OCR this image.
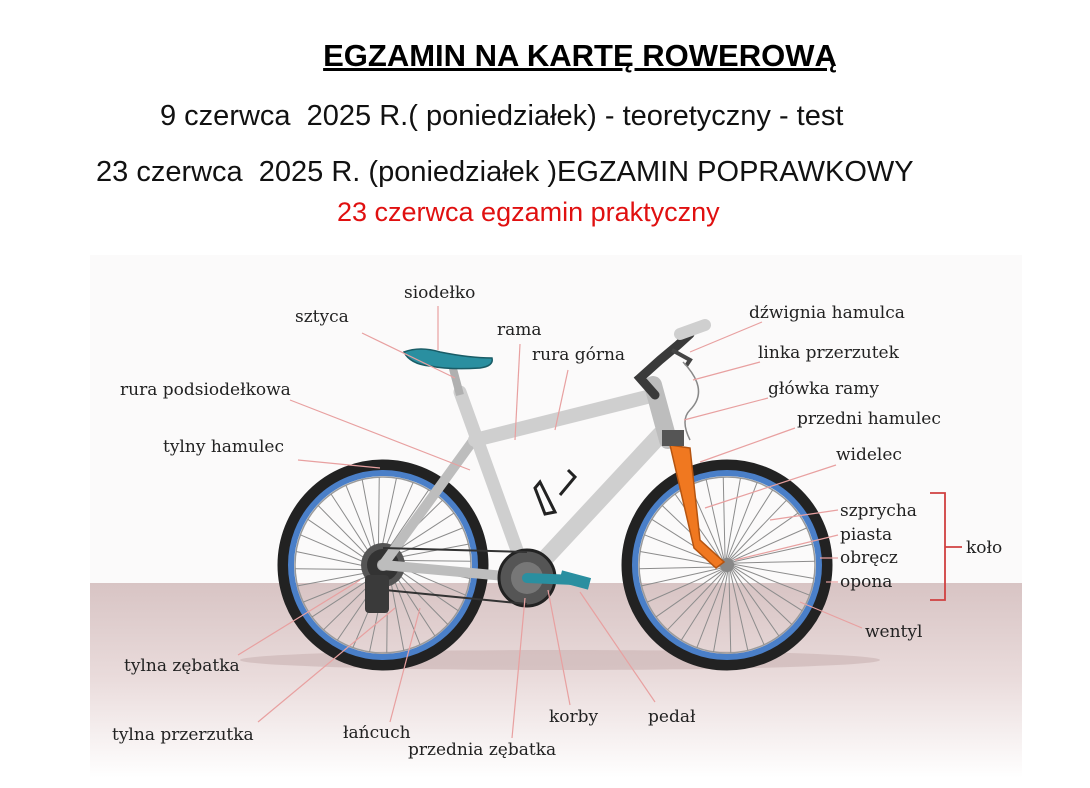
EGZAMIN NA KARTĘ ROWEROWĄ
9 czerwca  2025 R.( poniedziałek) - teoretyczny - test
23 czerwca  2025 R. (poniedziałek )EGZAMIN POPRAWKOWY
23 czerwca egzamin praktyczny
siodełko
sztyca
rama
rura górna
rura podsiodełkowa
tylny hamulec
dźwignia hamulca
linka przerzutek
główka ramy
przedni hamulec
widelec
szprycha
piasta
obręcz
opona
koło
wentyl
tylna zębatka
tylna przerzutka	łańcuch
przednia zębatka
korby	pedał
